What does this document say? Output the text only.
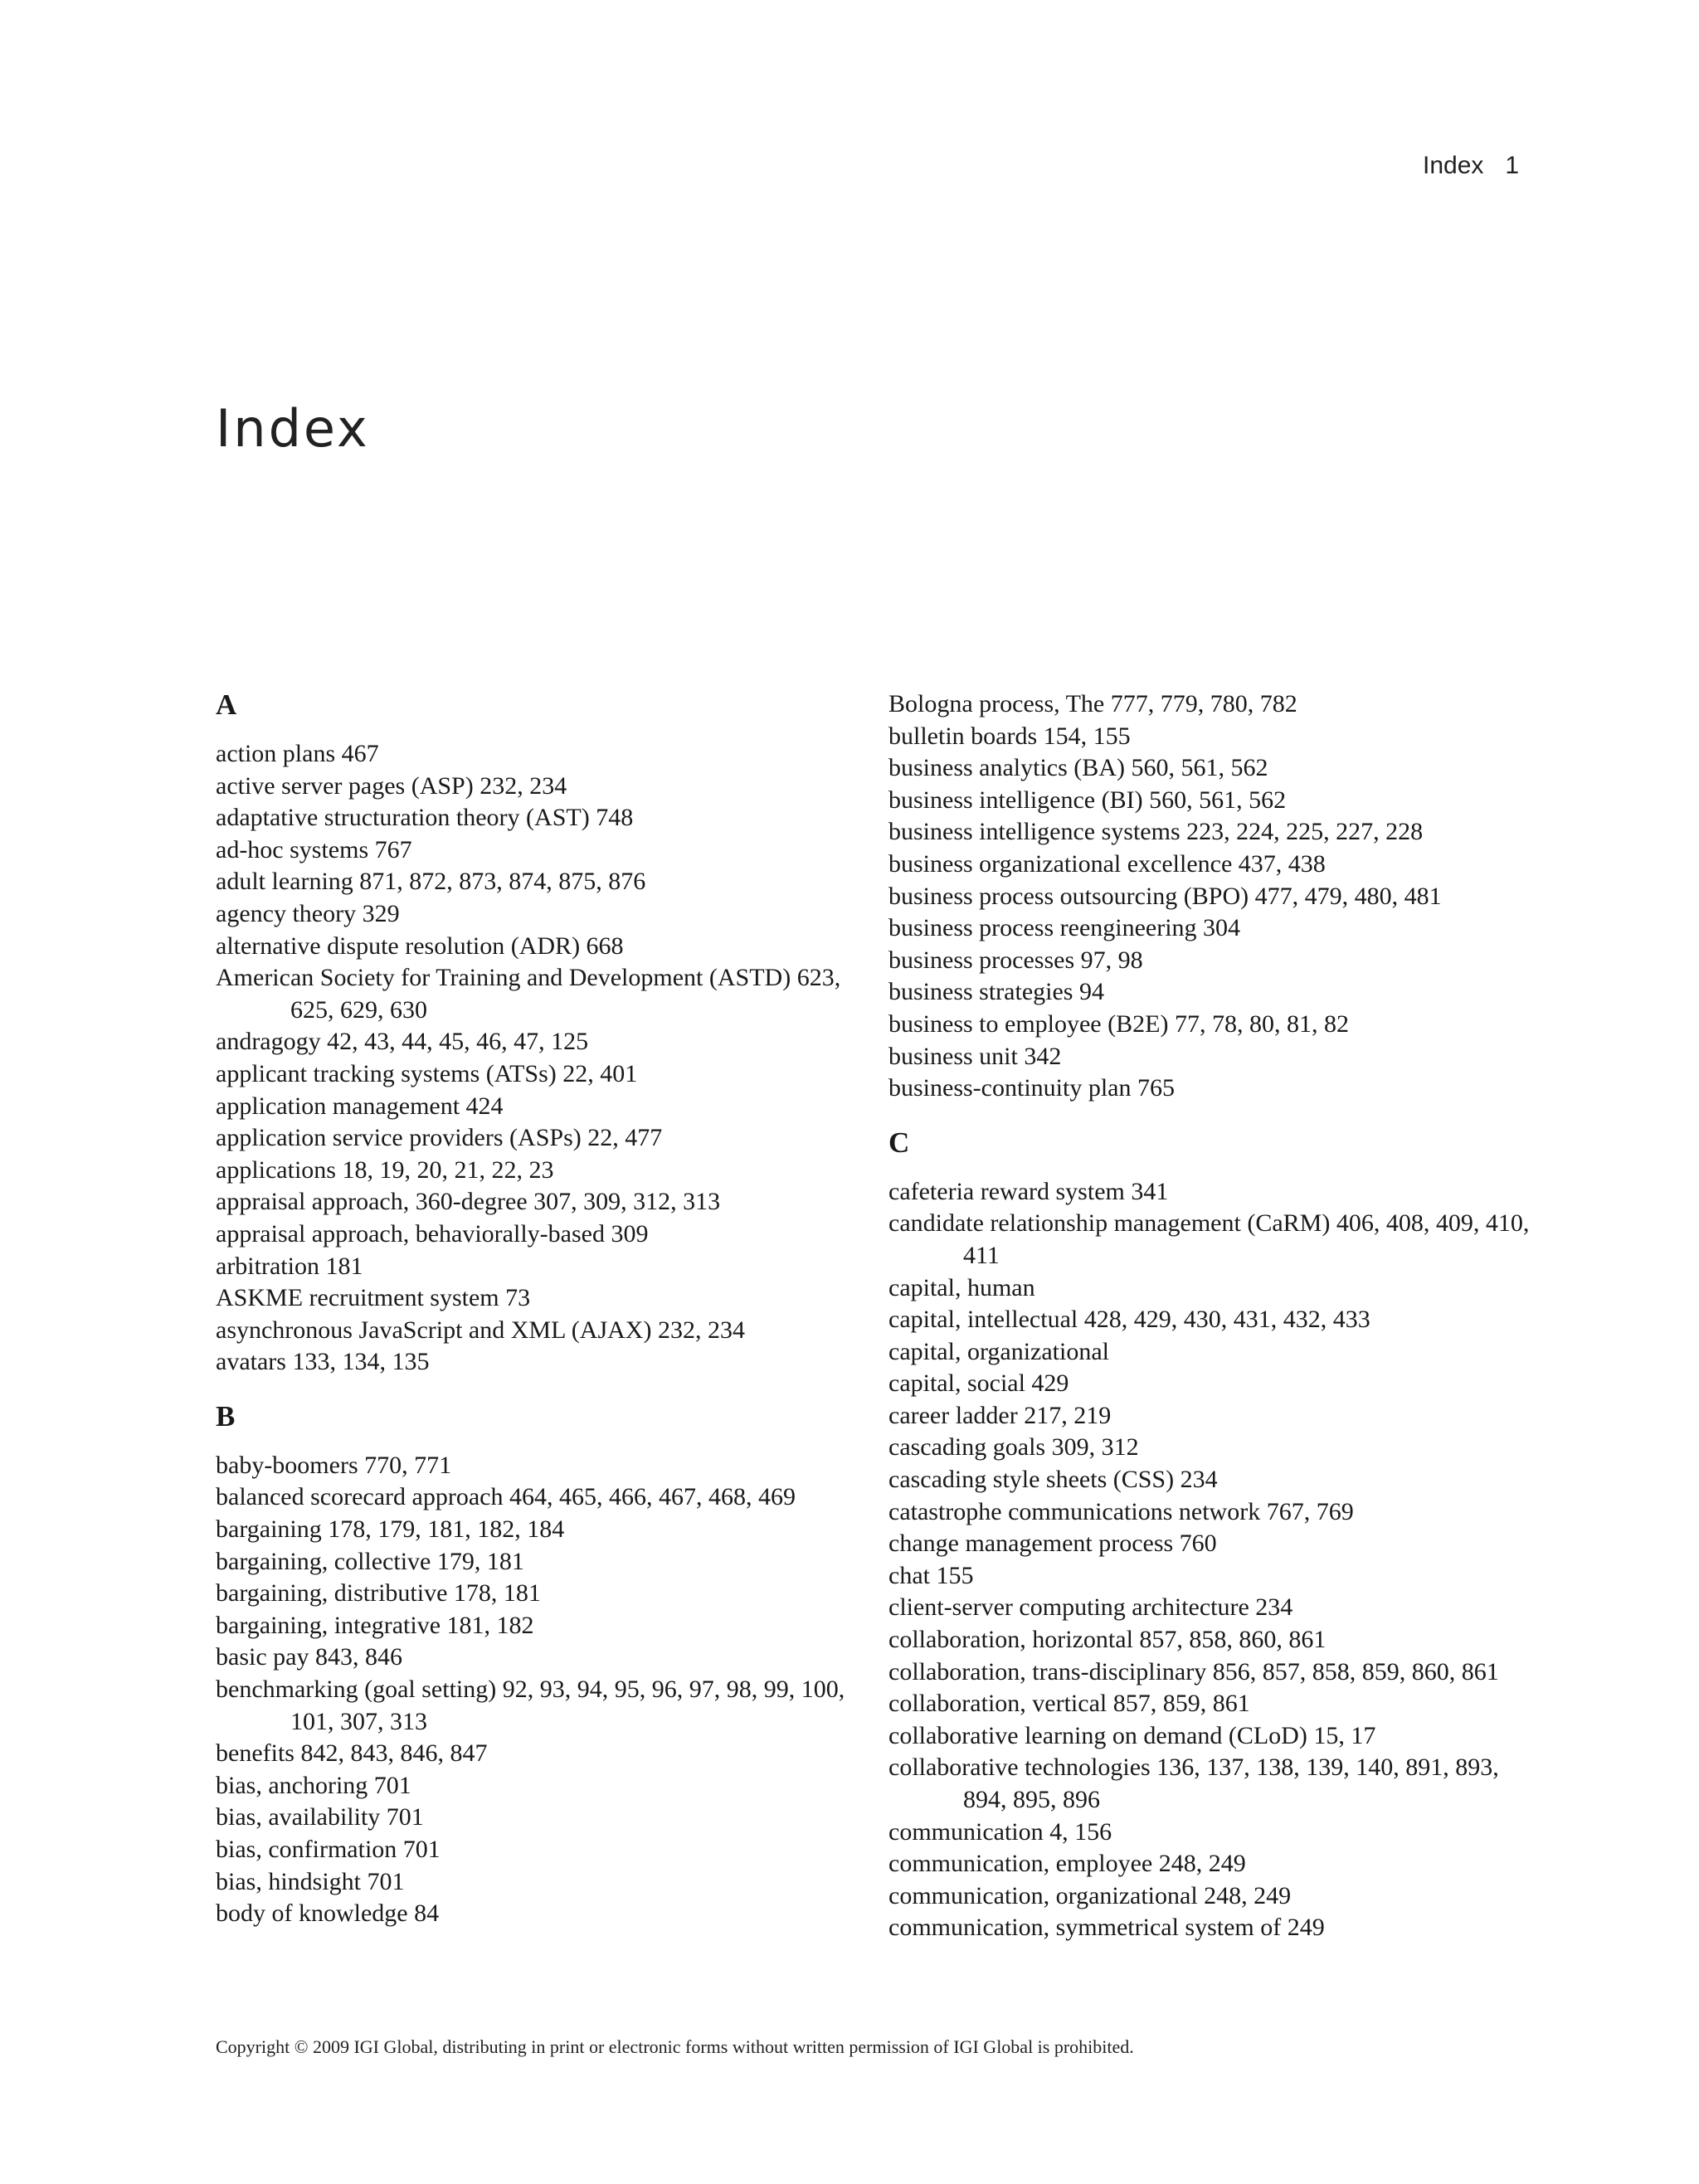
Index 1
Index
A
action plans 467
active server pages (ASP) 232, 234
adaptative structuration theory (AST) 748
ad-hoc systems 767
adult learning 871, 872, 873, 874, 875, 876
agency theory 329
alternative dispute resolution (ADR) 668
American Society for Training and Development (ASTD) 623, 625, 629, 630
andragogy 42, 43, 44, 45, 46, 47, 125
applicant tracking systems (ATSs) 22, 401
application management 424
application service providers (ASPs) 22, 477
applications 18, 19, 20, 21, 22, 23
appraisal approach, 360-degree 307, 309, 312, 313
appraisal approach, behaviorally-based 309
arbitration 181
ASKME recruitment system 73
asynchronous JavaScript and XML (AJAX) 232, 234
avatars 133, 134, 135
B
baby-boomers 770, 771
balanced scorecard approach 464, 465, 466, 467, 468, 469
bargaining 178, 179, 181, 182, 184
bargaining, collective 179, 181
bargaining, distributive 178, 181
bargaining, integrative 181, 182
basic pay 843, 846
benchmarking (goal setting) 92, 93, 94, 95, 96, 97, 98, 99, 100, 101, 307, 313
benefits 842, 843, 846, 847
bias, anchoring 701
bias, availability 701
bias, confirmation 701
bias, hindsight 701
body of knowledge 84
Bologna process, The 777, 779, 780, 782
bulletin boards 154, 155
business analytics (BA) 560, 561, 562
business intelligence (BI) 560, 561, 562
business intelligence systems 223, 224, 225, 227, 228
business organizational excellence 437, 438
business process outsourcing (BPO) 477, 479, 480, 481
business process reengineering 304
business processes 97, 98
business strategies 94
business to employee (B2E) 77, 78, 80, 81, 82
business unit 342
business-continuity plan 765
C
cafeteria reward system 341
candidate relationship management (CaRM) 406, 408, 409, 410, 411
capital, human
capital, intellectual 428, 429, 430, 431, 432, 433
capital, organizational
capital, social 429
career ladder 217, 219
cascading goals 309, 312
cascading style sheets (CSS) 234
catastrophe communications network 767, 769
change management process 760
chat 155
client-server computing architecture 234
collaboration, horizontal 857, 858, 860, 861
collaboration, trans-disciplinary 856, 857, 858, 859, 860, 861
collaboration, vertical 857, 859, 861
collaborative learning on demand (CLoD) 15, 17
collaborative technologies 136, 137, 138, 139, 140, 891, 893, 894, 895, 896
communication 4, 156
communication, employee 248, 249
communication, organizational 248, 249
communication, symmetrical system of 249
Copyright © 2009 IGI Global, distributing in print or electronic forms without written permission of IGI Global is prohibited.
